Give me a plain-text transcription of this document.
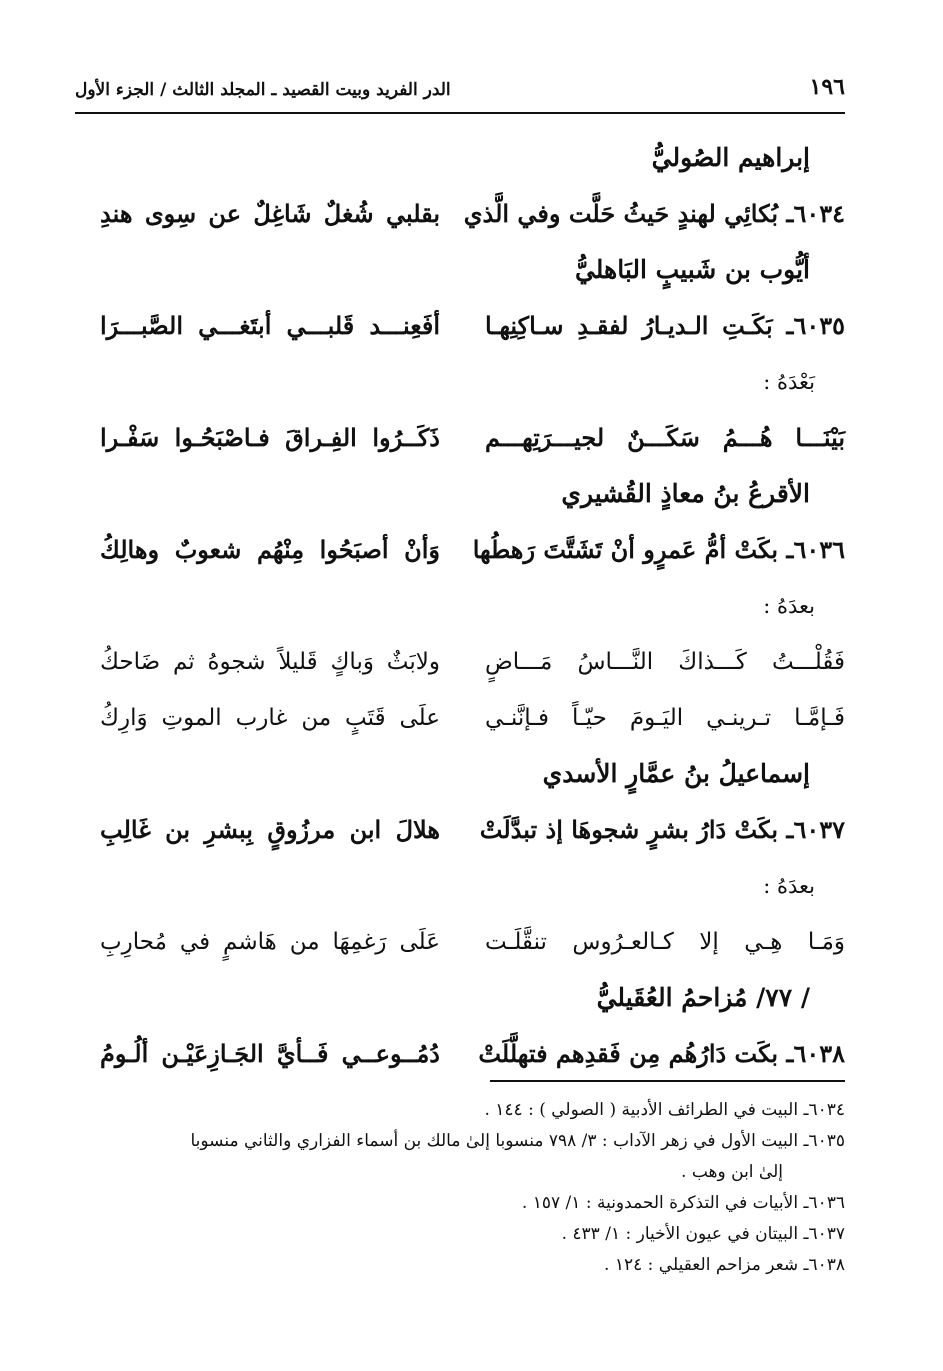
١٩٦
الدر الفريد وبيت القصيد ـ المجلد الثالث / الجزء الأول
إبراهيم الصُوليُّ
٦٠٣٤ـ بُكائِي لهندٍ حَيثُ حَلَّت وفي الَّذي
بقلبي شُغلٌ شَاغِلٌ عن سِوى هندِ
أيُّوب بن شَبيبٍ البَاهليُّ
٦٠٣٥ـ بَكَـتِ الـديـارُ لفقـدِ سـاكِنِهـا
أفَعِنـــد قَلبـــي أبتَغـــي الصَّبـــرَا
بَعْدَهُ :
بَيْنَـــا هُـــمُ سَكَـــنٌ لجيـــرَتِهـــم
ذَكَــرُوا الفِـراقَ فـاصْبَحُـوا سَفْـرا
الأقرعُ بنُ معاذٍ القُشيري
٦٠٣٦ـ بكَتْ أمُّ عَمرٍو أنْ تَشَتَّتَ رَهطُها
وَأنْ أصبَحُوا مِنْهُم شعوبٌ وهالِكُ
بعدَهُ :
فَقُلْـــتُ كَـــذاكَ النَّـــاسُ مَـــاضٍ
ولابَثٌ وَباكٍ قَليلاً شجوهُ ثم ضَاحكُ
فَـإمَّـا تـرينـي اليَـومَ حيّـاً فـإنَّنـي
علَى قَتَبٍ من غارب الموتِ وَارِكُ
إسماعيلُ بنُ عمَّارٍ الأسدي
٦٠٣٧ـ بكَتْ دَارُ بشرٍ شجوهَا إذ تبدَّلَتْ
هلالَ ابن مرزُوقٍ بِبشرِ بن غَالِبِ
بعدَهُ :
وَمَـا هِـي إلا كـالعـرُوس تنقَّلَـت
عَلَى رَغمِهَا من هَاشمٍ في مُحارِبِ
/ ٧٧/ مُزاحمُ العُقَيليُّ
٦٠٣٨ـ بكَت دَارُهُم مِن فَقدِهم فتهلَّلَتْ
دُمُــوعــي فَــأيَّ الجَـازِعَيْـن ألُـومُ
٦٠٣٤ـ البيت في الطرائف الأدبية ( الصولي ) : ١٤٤ .
٦٠٣٥ـ البيت الأول في زهر الآداب : ٣/ ٧٩٨ منسوبا إلىٰ مالك بن أسماء الفزاري والثاني منسوبا
إلىٰ ابن وهب .
٦٠٣٦ـ الأبيات في التذكرة الحمدونية : ١/ ١٥٧ .
٦٠٣٧ـ البيتان في عيون الأخيار : ١/ ٤٣٣ .
٦٠٣٨ـ شعر مزاحم العقيلي : ١٢٤ .
